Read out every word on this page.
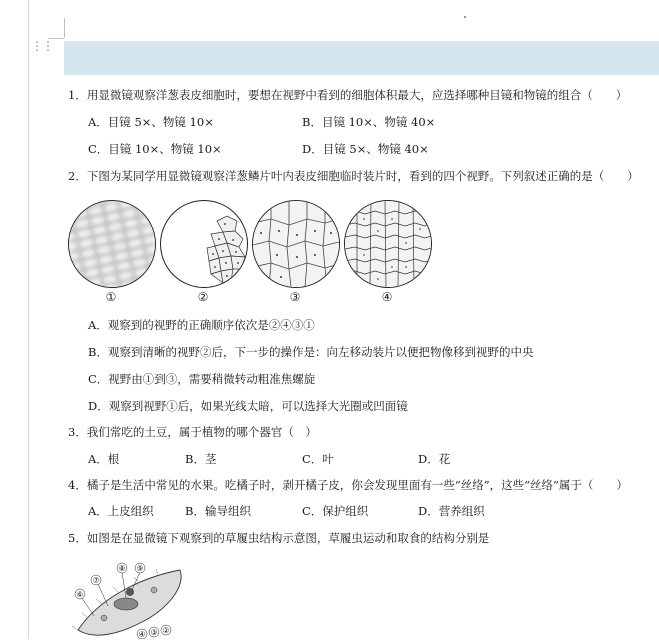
⋮⋮
1．用显微镜观察洋葱表皮细胞时，要想在视野中看到的细胞体积最大，应选择哪种目镜和物镜的组合（　　）
A．目镜 5×、物镜 10×	B．目镜 10×、物镜 40×
C．目镜 10×、物镜 10×	D．目镜 5×、物镜 40×
2．下图为某同学用显微镜观察洋葱鳞片叶内表皮细胞临时装片时，看到的四个视野。下列叙述正确的是（　　）
①	②	③	④
A．观察到的视野的正确顺序依次是②④③①
B．观察到清晰的视野②后，下一步的操作是：向左移动装片以便把物像移到视野的中央
C．视野由①到③，需要稍微转动粗准焦螺旋
D．观察到视野①后，如果光线太暗，可以选择大光圈或凹面镜
3．我们常吃的土豆，属于植物的哪个器官（　）
A．根	B．茎	C．叶	D．花
4．橘子是生活中常见的水果。吃橘子时，剥开橘子皮，你会发现里面有一些“丝络”，这些“丝络”属于（　　）
A．上皮组织	B．输导组织	C．保护组织	D．营养组织
5．如图是在显微镜下观察到的草履虫结构示意图，草履虫运动和取食的结构分别是
⑦
⑧ ⑨
⑥
④ ③ ②
